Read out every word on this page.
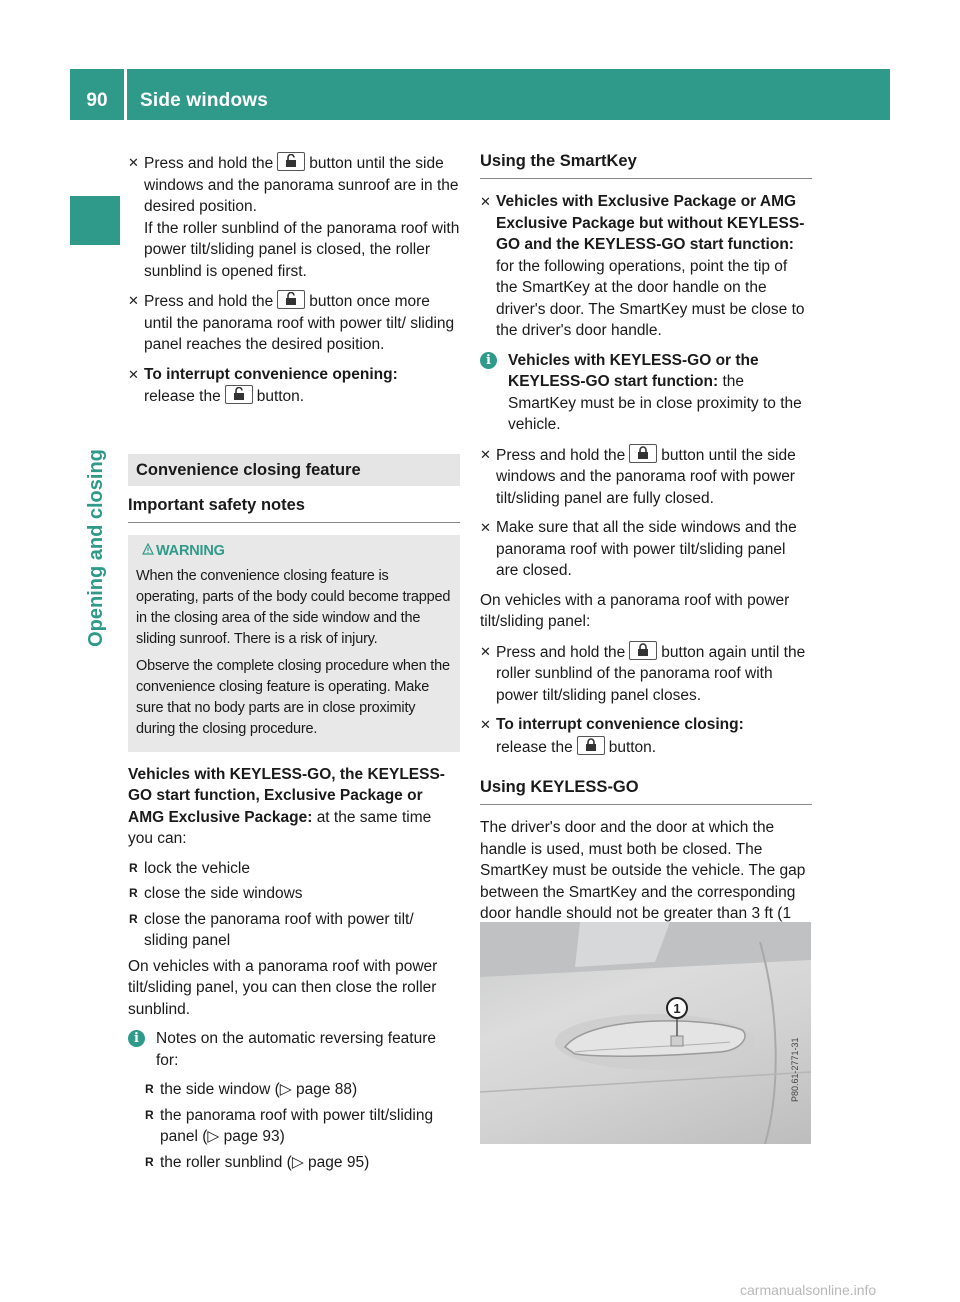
90	Side windows
Opening and closing
✕ Press and hold the button until the side windows and the panorama sunroof are in the desired position.
If the roller sunblind of the panorama roof with power tilt/sliding panel is closed, the roller sunblind is opened first.
✕ Press and hold the button once more until the panorama roof with power tilt/ sliding panel reaches the desired position.
✕ To interrupt convenience opening:
release the button.
Convenience closing feature
Important safety notes
WARNING

When the convenience closing feature is operating, parts of the body could become trapped in the closing area of the side window and the sliding sunroof. There is a risk of injury.

Observe the complete closing procedure when the convenience closing feature is operating. Make sure that no body parts are in close proximity during the closing procedure.

Vehicles with KEYLESS-GO, the KEYLESS-GO start function, Exclusive Package or AMG Exclusive Package: at the same time you can:

R lock the vehicle
R close the side windows
R close the panorama roof with power tilt/ sliding panel

On vehicles with a panorama roof with power tilt/sliding panel, you can then close the roller sunblind.

i	Notes on the automatic reversing feature for:
R the side window (▷ page 88)
R the panorama roof with power tilt/sliding panel (▷ page 93)
R the roller sunblind (▷ page 95)
Using the SmartKey
✕ Vehicles with Exclusive Package or AMG Exclusive Package but without KEYLESS-GO and the KEYLESS-GO start function: for the following operations, point the tip of the SmartKey at the door handle on the driver's door. The SmartKey must be close to the driver's door handle.
i	Vehicles with KEYLESS-GO or the KEYLESS-GO start function: the SmartKey must be in close proximity to the vehicle.
✕ Press and hold the button until the side windows and the panorama roof with power tilt/sliding panel are fully closed.
✕ Make sure that all the side windows and the panorama roof with power tilt/sliding panel are closed.

On vehicles with a panorama roof with power tilt/sliding panel:

✕ Press and hold the button again until the roller sunblind of the panorama roof with power tilt/sliding panel closes.
✕ To interrupt convenience closing:
release the button.
Using KEYLESS-GO

The driver's door and the door at which the handle is used, must both be closed. The SmartKey must be outside the vehicle. The gap between the SmartKey and the corresponding door handle should not be greater than 3 ft (1

1
P80.61-2771-31
carmanualsonline.info
